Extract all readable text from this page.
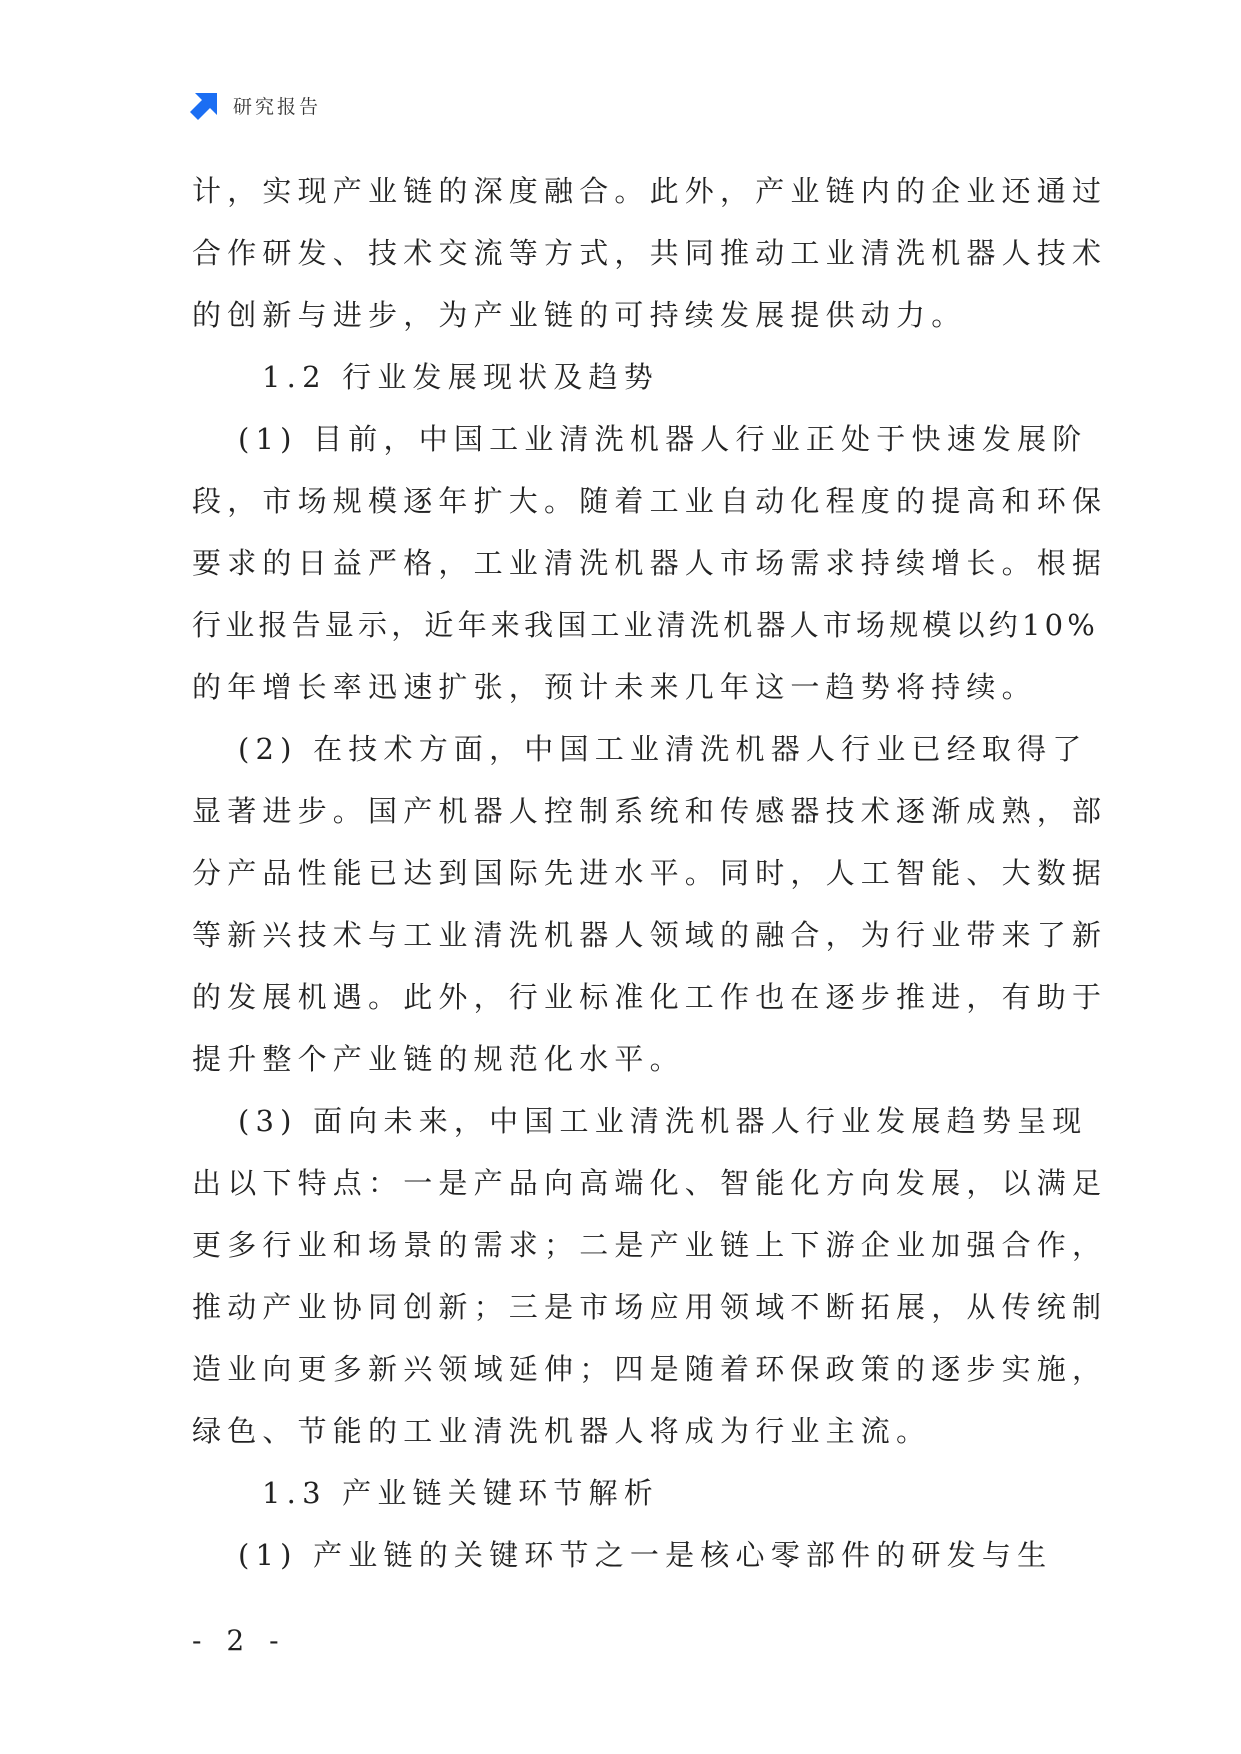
研究报告

计，实现产业链的深度融合。此外，产业链内的企业还通过

合作研发、技术交流等方式，共同推动工业清洗机器人技术

的创新与进步，为产业链的可持续发展提供动力。

1.2 行业发展现状及趋势

(1) 目前，中国工业清洗机器人行业正处于快速发展阶

段，市场规模逐年扩大。随着工业自动化程度的提高和环保

要求的日益严格，工业清洗机器人市场需求持续增长。根据

行业报告显示，近年来我国工业清洗机器人市场规模以约10%

的年增长率迅速扩张，预计未来几年这一趋势将持续。

(2) 在技术方面，中国工业清洗机器人行业已经取得了

显著进步。国产机器人控制系统和传感器技术逐渐成熟，部

分产品性能已达到国际先进水平。同时，人工智能、大数据

等新兴技术与工业清洗机器人领域的融合，为行业带来了新

的发展机遇。此外，行业标准化工作也在逐步推进，有助于

提升整个产业链的规范化水平。

(3) 面向未来，中国工业清洗机器人行业发展趋势呈现

出以下特点：一是产品向高端化、智能化方向发展，以满足

更多行业和场景的需求；二是产业链上下游企业加强合作，

推动产业协同创新；三是市场应用领域不断拓展，从传统制

造业向更多新兴领域延伸；四是随着环保政策的逐步实施，

绿色、节能的工业清洗机器人将成为行业主流。

1.3 产业链关键环节解析

(1) 产业链的关键环节之一是核心零部件的研发与生

- 2 -
